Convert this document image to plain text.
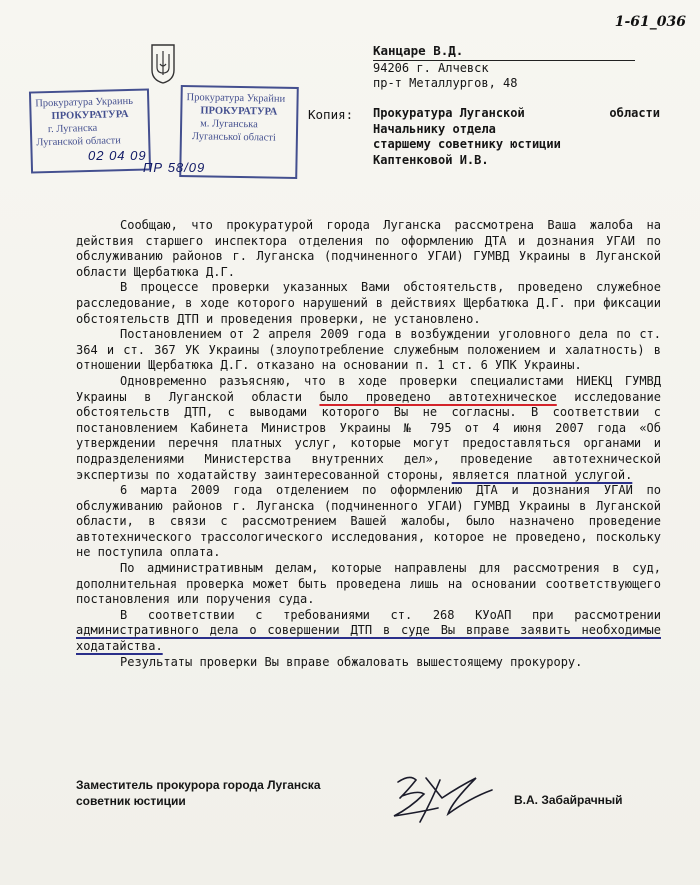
1-61_036
Прокуратура Украинь
ПРОКУРАТУРА
г. Луганска
Луганской области
Прокуратура Украйни
ПРОКУРАТУРА
м. Луганська
Луганської області
02 04 09
ПР 58/09
Канцаре В.Д.
94206 г. Алчевск
пр-т Металлургов, 48
Копия: Прокуратура Луганской	области
Начальнику отдела
старшему советнику юстиции
Каптенковой И.В.

Сообщаю, что прокуратурой города Луганска рассмотрена Ваша жалоба на действия старшего инспектора отделения по оформлению ДТА и дознания УГАИ по обслуживанию районов г. Луганска (подчиненного УГАИ) ГУМВД Украины в Луганской области Щербатюка Д.Г.

В процессе проверки указанных Вами обстоятельств, проведено служебное расследование, в ходе которого нарушений в действиях Щербатюка Д.Г. при фиксации обстоятельств ДТП и проведения проверки, не установлено.

Постановлением от 2 апреля 2009 года в возбуждении уголовного дела по ст. 364 и ст. 367 УК Украины (злоупотребление служебным положением и халатность) в отношении Щербатюка Д.Г. отказано на основании п. 1 ст. 6 УПК Украины.

Одновременно разъясняю, что в ходе проверки специалистами НИЕКЦ ГУМВД Украины в Луганской области было проведено автотехническое исследование обстоятельств ДТП, с выводами которого Вы не согласны. В соответствии с постановлением Кабинета Министров Украины № 795 от 4 июня 2007 года «Об утверждении перечня платных услуг, которые могут предоставляться органами и подразделениями Министерства внутренних дел», проведение автотехнической экспертизы по ходатайству заинтересованной стороны, является платной услугой.

6 марта 2009 года отделением по оформлению ДТА и дознания УГАИ по обслуживанию районов г. Луганска (подчиненного УГАИ) ГУМВД Украины в Луганской области, в связи с рассмотрением Вашей жалобы, было назначено проведение автотехнического трассологического исследования, которое не проведено, поскольку не поступила оплата.

По административным делам, которые направлены для рассмотрения в суд, дополнительная проверка может быть проведена лишь на основании соответствующего постановления или поручения суда.

В соответствии с требованиями ст. 268 КУоАП при рассмотрении административного дела о совершении ДТП в суде Вы вправе заявить необходимые ходатайства.

Результаты проверки Вы вправе обжаловать вышестоящему прокурору.

Заместитель прокурора города Луганска
советник юстиции	В.А. Забайрачный
